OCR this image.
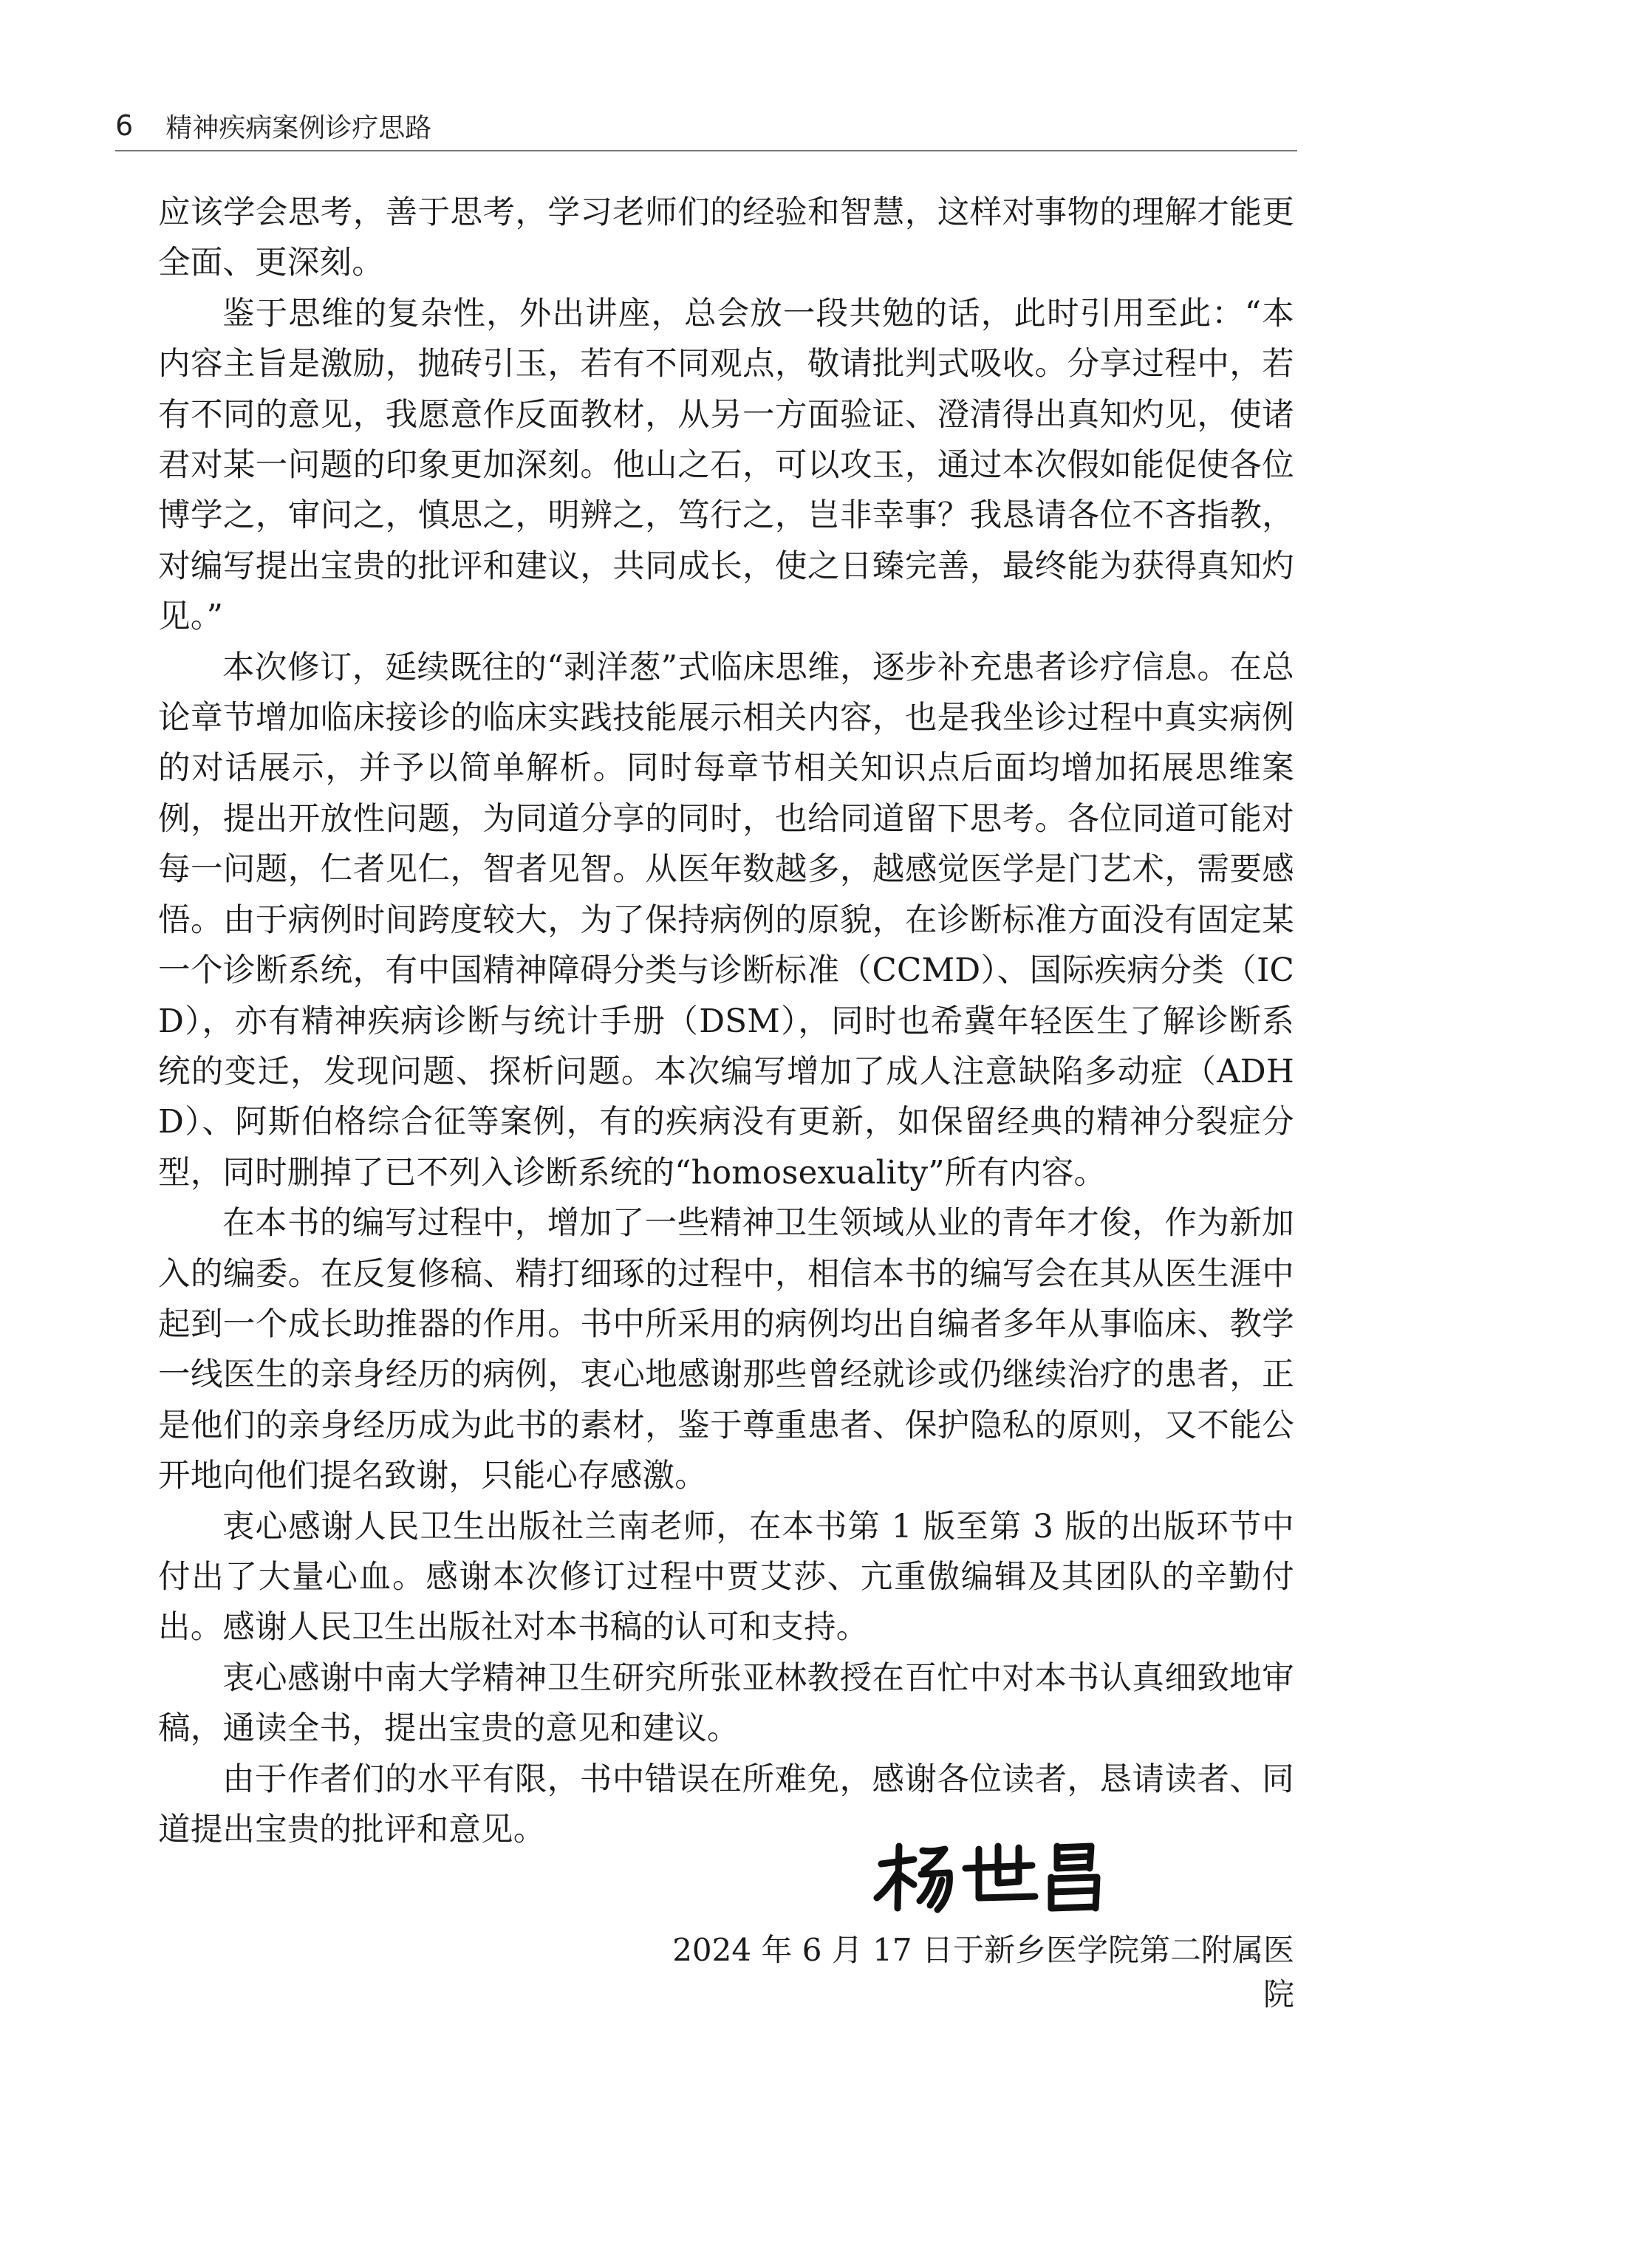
6 精神疾病案例诊疗思路

应该学会思考，善于思考，学习老师们的经验和智慧，这样对事物的理解才能更全面、更深刻。

鉴于思维的复杂性，外出讲座，总会放一段共勉的话，此时引用至此：“本内容主旨是激励，抛砖引玉，若有不同观点，敬请批判式吸收。分享过程中，若有不同的意见，我愿意作反面教材，从另一方面验证、澄清得出真知灼见，使诸君对某一问题的印象更加深刻。他山之石，可以攻玉，通过本次假如能促使各位博学之，审问之，慎思之，明辨之，笃行之，岂非幸事？我恳请各位不吝指教，对编写提出宝贵的批评和建议，共同成长，使之日臻完善，最终能为获得真知灼见。”

本次修订，延续既往的“剥洋葱”式临床思维，逐步补充患者诊疗信息。在总论章节增加临床接诊的临床实践技能展示相关内容，也是我坐诊过程中真实病例的对话展示，并予以简单解析。同时每章节相关知识点后面均增加拓展思维案例，提出开放性问题，为同道分享的同时，也给同道留下思考。各位同道可能对每一问题，仁者见仁，智者见智。从医年数越多，越感觉医学是门艺术，需要感悟。由于病例时间跨度较大，为了保持病例的原貌，在诊断标准方面没有固定某一个诊断系统，有中国精神障碍分类与诊断标准（CCMD）、国际疾病分类（ICD），亦有精神疾病诊断与统计手册（DSM），同时也希冀年轻医生了解诊断系统的变迁，发现问题、探析问题。本次编写增加了成人注意缺陷多动症（ADHD）、阿斯伯格综合征等案例，有的疾病没有更新，如保留经典的精神分裂症分型，同时删掉了已不列入诊断系统的“homosexuality”所有内容。

在本书的编写过程中，增加了一些精神卫生领域从业的青年才俊，作为新加入的编委。在反复修稿、精打细琢的过程中，相信本书的编写会在其从医生涯中起到一个成长助推器的作用。书中所采用的病例均出自编者多年从事临床、教学一线医生的亲身经历的病例，衷心地感谢那些曾经就诊或仍继续治疗的患者，正是他们的亲身经历成为此书的素材，鉴于尊重患者、保护隐私的原则，又不能公开地向他们提名致谢，只能心存感激。

衷心感谢人民卫生出版社兰南老师，在本书第 1 版至第 3 版的出版环节中付出了大量心血。感谢本次修订过程中贾艾莎、亢重傲编辑及其团队的辛勤付出。感谢人民卫生出版社对本书稿的认可和支持。

衷心感谢中南大学精神卫生研究所张亚林教授在百忙中对本书认真细致地审稿，通读全书，提出宝贵的意见和建议。

由于作者们的水平有限，书中错误在所难免，感谢各位读者，恳请读者、同道提出宝贵的批评和意见。

2024 年 6 月 17 日于新乡医学院第二附属医院
